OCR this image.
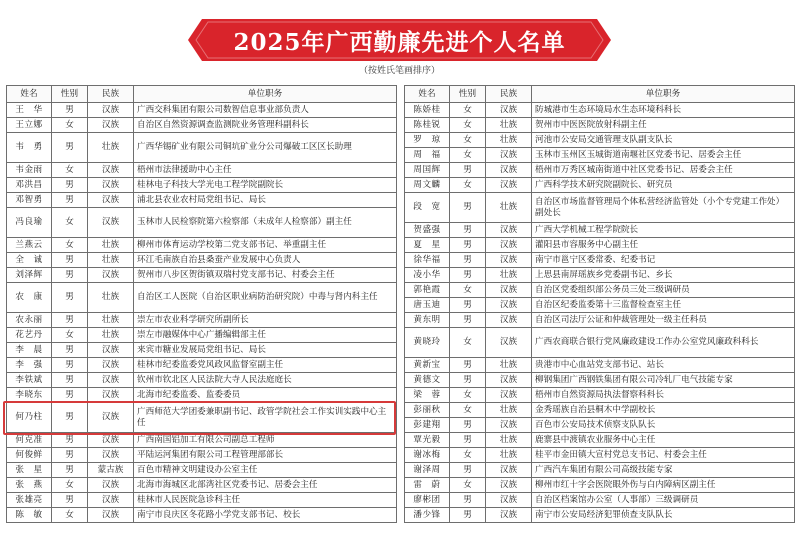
2025年广西勤廉先进个人名单
（按姓氏笔画排序）
姓名	性别	民族	单位职务
王　华	男	汉族	广西交科集团有限公司数智信息事业部负责人
王立娜	女	汉族	自治区自然资源调查监测院业务管理科副科长
韦　勇	男	壮族	广西华锡矿业有限公司铜坑矿业分公司爆破工区区长助理
韦金雨	女	汉族	梧州市法律援助中心主任
邓洪昌	男	汉族	桂林电子科技大学光电工程学院副院长
邓智勇	男	汉族	浦北县农业农村局党组书记、局长
冯良瑜	女	汉族	玉林市人民检察院第六检察部（未成年人检察部）副主任
兰燕云	女	壮族	柳州市体育运动学校第二党支部书记、举重副主任
全　诚	男	壮族	环江毛南族自治县桑蚕产业发展中心负责人
刘泽辉	男	汉族	贺州市八步区贺街镇双瑞村党支部书记、村委会主任
农　康	男	壮族	自治区工人医院（自治区职业病防治研究院）中毒与肾内科主任
农永丽	男	壮族	崇左市农业科学研究所副所长
花艺丹	女	壮族	崇左市融媒体中心广播编辑部主任
李　晨	男	汉族	来宾市糖业发展局党组书记、局长
李　强	男	汉族	桂林市纪委监委党风政风监督室副主任
李铁斌	男	汉族	钦州市钦北区人民法院大寺人民法庭庭长
李晓东	男	汉族	北海市纪委监委、监委委员
何乃柱	男	汉族	广西师范大学团委兼职副书记、政管学院社会工作实训实践中心主任
何克准	男	汉族	广西南国铝加工有限公司副总工程师
何俊鲜	男	汉族	平陆运河集团有限公司工程管理部部长
张　星	男	蒙古族	百色市精神文明建设办公室主任
张　燕	女	汉族	北海市海城区北部湾社区党委书记、居委会主任
张雄亮	男	汉族	桂林市人民医院急诊科主任
陈　敏	女	汉族	南宁市良庆区冬花路小学党支部书记、校长
姓名	性别	民族	单位职务
陈娇桂	女	汉族	防城港市生态环境局水生态环境科科长
陈桂锐	女	壮族	贺州市中医医院放射科副主任
罗　琼	女	壮族	河池市公安局交通管理支队副支队长
周　福	女	汉族	玉林市玉州区玉城街道南堰社区党委书记、居委会主任
周国辉	男	汉族	梧州市万秀区城南街道中社区党委书记、居委会主任
周文麟	女	汉族	广西科学技术研究院副院长、研究员
段　宽	男	壮族	自治区市场监督管理局个体私营经济监管处（小个专党建工作处）副处长
贺盛强	男	汉族	广西大学机械工程学院院长
夏　星	男	汉族	灌阳县市容服务中心副主任
徐华福	男	汉族	南宁市邕宁区委常委、纪委书记
凌小华	男	壮族	上思县南屏瑶族乡党委副书记、乡长
郭艳霞	女	汉族	自治区党委组织部公务员三处三级调研员
唐玉迪	男	汉族	自治区纪委监委第十三监督检查室主任
黄东明	男	汉族	自治区司法厅公证和仲裁管理处一级主任科员
黄晓玲	女	汉族	广西农商联合银行党风廉政建设工作办公室党风廉政科科长
黄新宝	男	壮族	贵港市中心血站党支部书记、站长
黄德文	男	汉族	柳钢集团广西钢铁集团有限公司冷轧厂电气技能专家
梁　蓉	女	汉族	梧州市自然资源局执法督察科科长
彭丽秋	女	壮族	金秀瑶族自治县桐木中学副校长
彭建翔	男	汉族	百色市公安局技术侦察支队队长
覃光毅	男	壮族	鹿寨县中渡镇农业服务中心主任
谢冰梅	女	壮族	桂平市金田镇大宣村党总支书记、村委会主任
谢泽周	男	汉族	广西汽车集团有限公司高级技能专家
雷　蔚	女	汉族	柳州市红十字会医院眼外伤与白内障病区副主任
廖彬团	男	汉族	自治区档案馆办公室（人事部）三级调研员
潘少锋	男	汉族	南宁市公安局经济犯罪侦查支队队长
